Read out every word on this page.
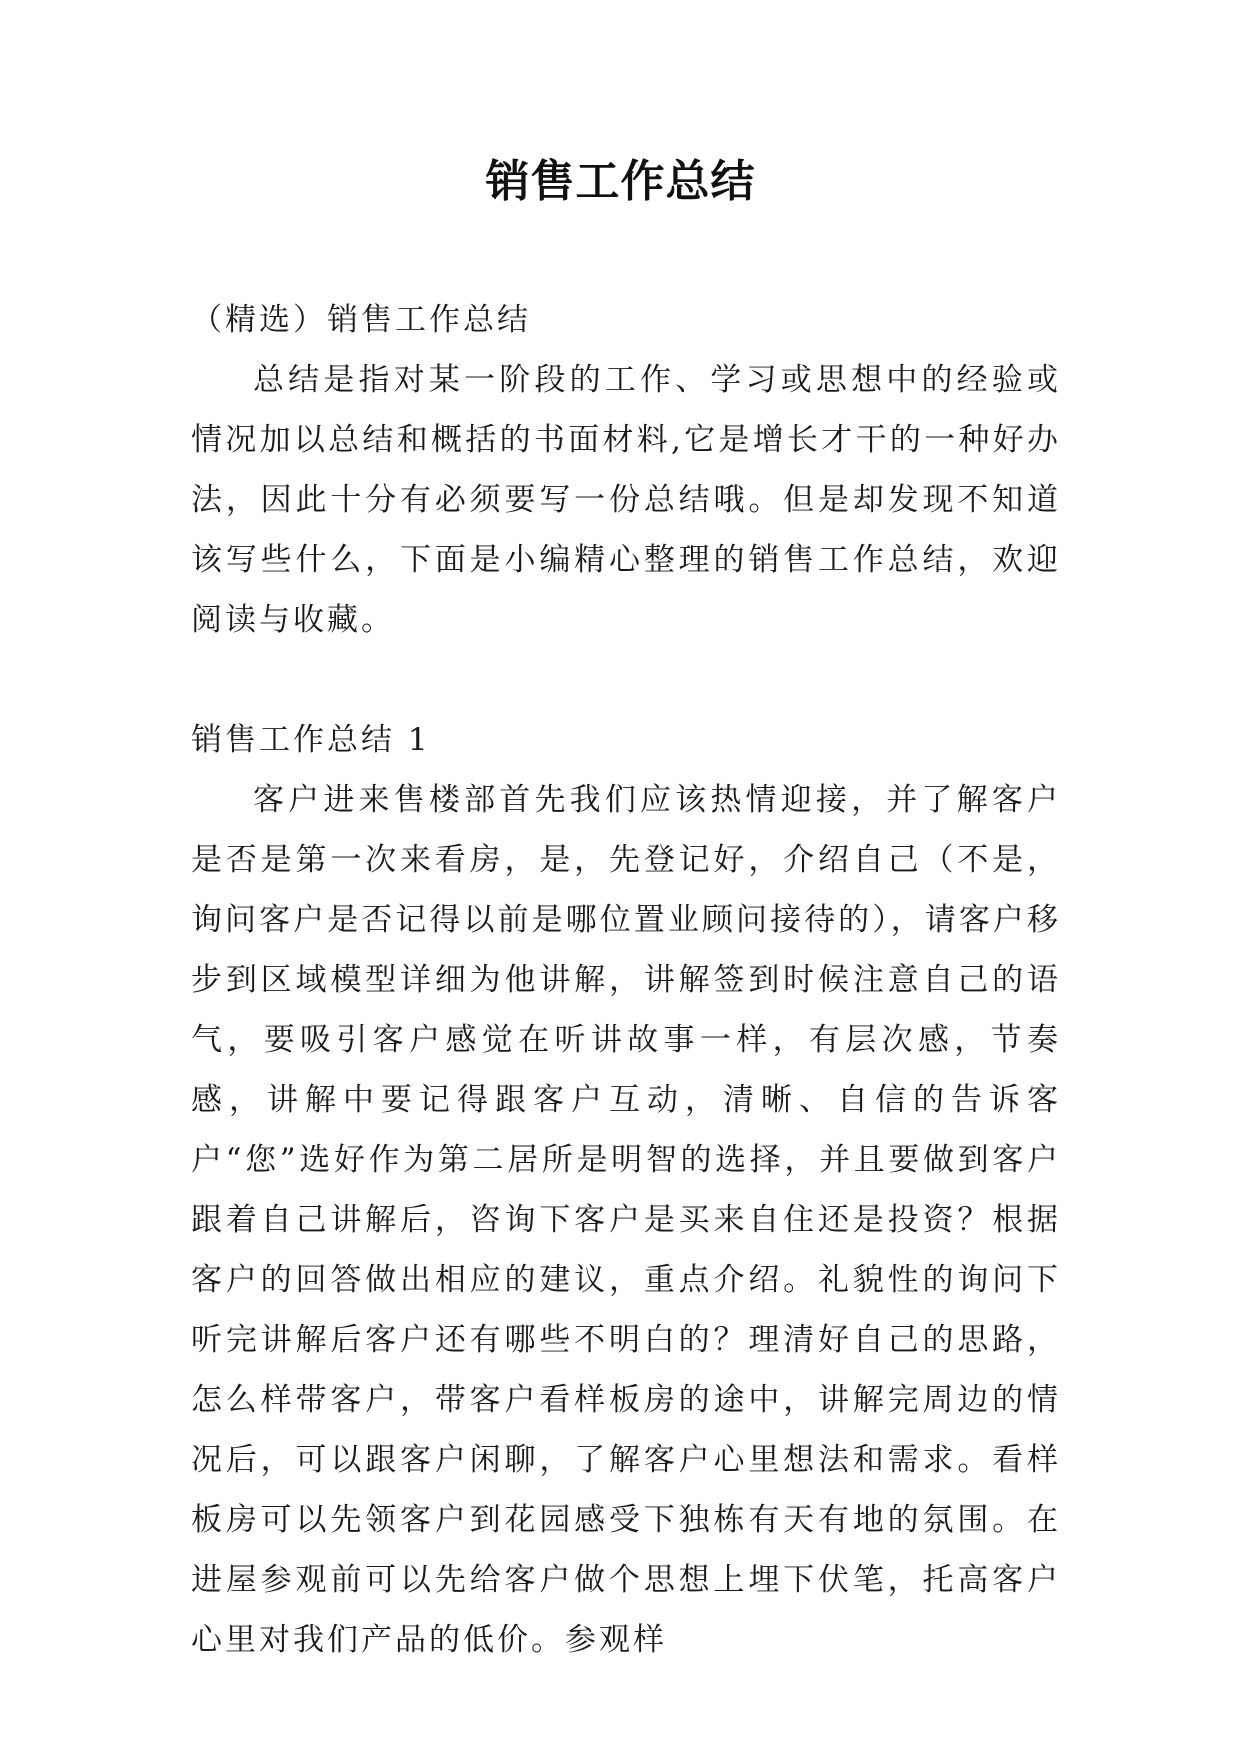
销售工作总结

（精选）销售工作总结

总结是指对某一阶段的工作、学习或思想中的经验或情况加以总结和概括的书面材料,它是增长才干的一种好办法，因此十分有必须要写一份总结哦。但是却发现不知道该写些什么，下面是小编精心整理的销售工作总结，欢迎阅读与收藏。

销售工作总结 1

客户进来售楼部首先我们应该热情迎接，并了解客户是否是第一次来看房，是，先登记好，介绍自己（不是，询问客户是否记得以前是哪位置业顾问接待的），请客户移步到区域模型详细为他讲解，讲解签到时候注意自己的语气，要吸引客户感觉在听讲故事一样，有层次感，节奏感，讲解中要记得跟客户互动，清晰、自信的告诉客户“您”选好作为第二居所是明智的选择，并且要做到客户跟着自己讲解后，咨询下客户是买来自住还是投资？根据客户的回答做出相应的建议，重点介绍。礼貌性的询问下听完讲解后客户还有哪些不明白的？理清好自己的思路，怎么样带客户，带客户看样板房的途中，讲解完周边的情况后，可以跟客户闲聊，了解客户心里想法和需求。看样板房可以先领客户到花园感受下独栋有天有地的氛围。在进屋参观前可以先给客户做个思想上埋下伏笔，托高客户心里对我们产品的低价。参观样
